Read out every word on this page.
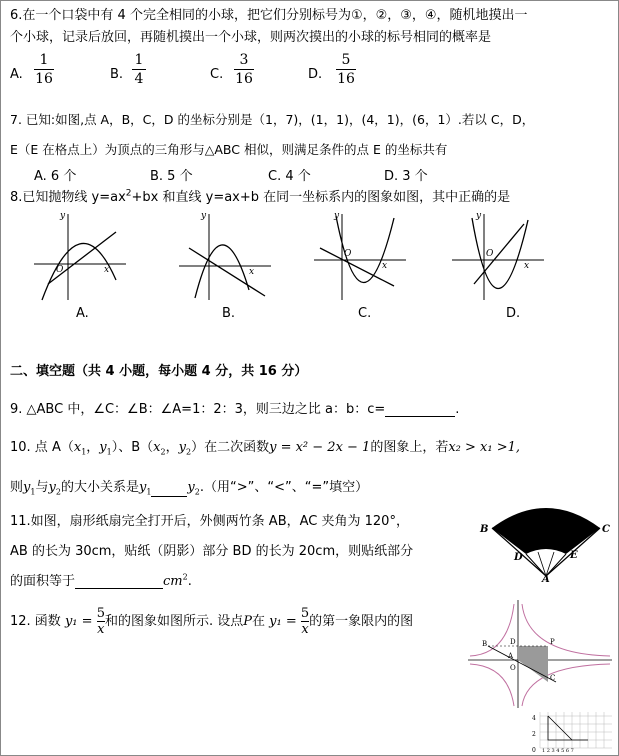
6.在一个口袋中有 4 个完全相同的小球，把它们分别标号为①，②，③，④，随机地摸出一
个小球，记录后放回，再随机摸出一个小球，则两次摸出的小球的标号相同的概率是
A.
1
16	B.
1
4	C.
3
16	D.
5
16
7. 已知:如图,点 A，B，C，D 的坐标分别是（1，7)，(1，1)，(4，1)，(6，1）.若以 C，D，
E（E 在格点上）为顶点的三角形与△ABC 相似，则满足条件的点 E 的坐标共有
A. 6 个	B. 5 个	C. 4 个	D. 3 个
8.已知抛物线 $y=ax^2+bx$ 和直线 y=ax+b 在同一坐标系内的图象如图，其中正确的是
x
y
O	x
y
x
y
O
x
y
O
A.	B.	C.	D.
二、填空题（共 4 小题，每小题 4 分，共 16 分）
9. △ABC 中，∠C：∠B：∠A=1：2：3，则三边之比 a：b：c=	.
10. 点 $A(x_1$，$y_1$）、$B(x_2$，$y_2$）在二次函数y = x² − 2x − 1的图象上，若x₂ > x₁ >1,
则$y_1$与$y_2$的大小关系是$y_1$	$y_2$.（用“>”、“<”、“=”填空）
11.如图，扇形纸扇完全打开后，外侧两竹条 AB，AC 夹角为 120°，
AB 的长为 30cm，贴纸（阴影）部分 BD 的长为 20cm，则贴纸部分
的面积等于	$cm^2$.
B	C
D	E
A
12. 函数 $y_1 = \frac{5}{x}$和的图象如图所示. 设点P在 $y_1 = \frac{5}{x}$的第一象限内的图
B	D	P
A
O
C
4
2
0 1 2 3 4 5 6 7
